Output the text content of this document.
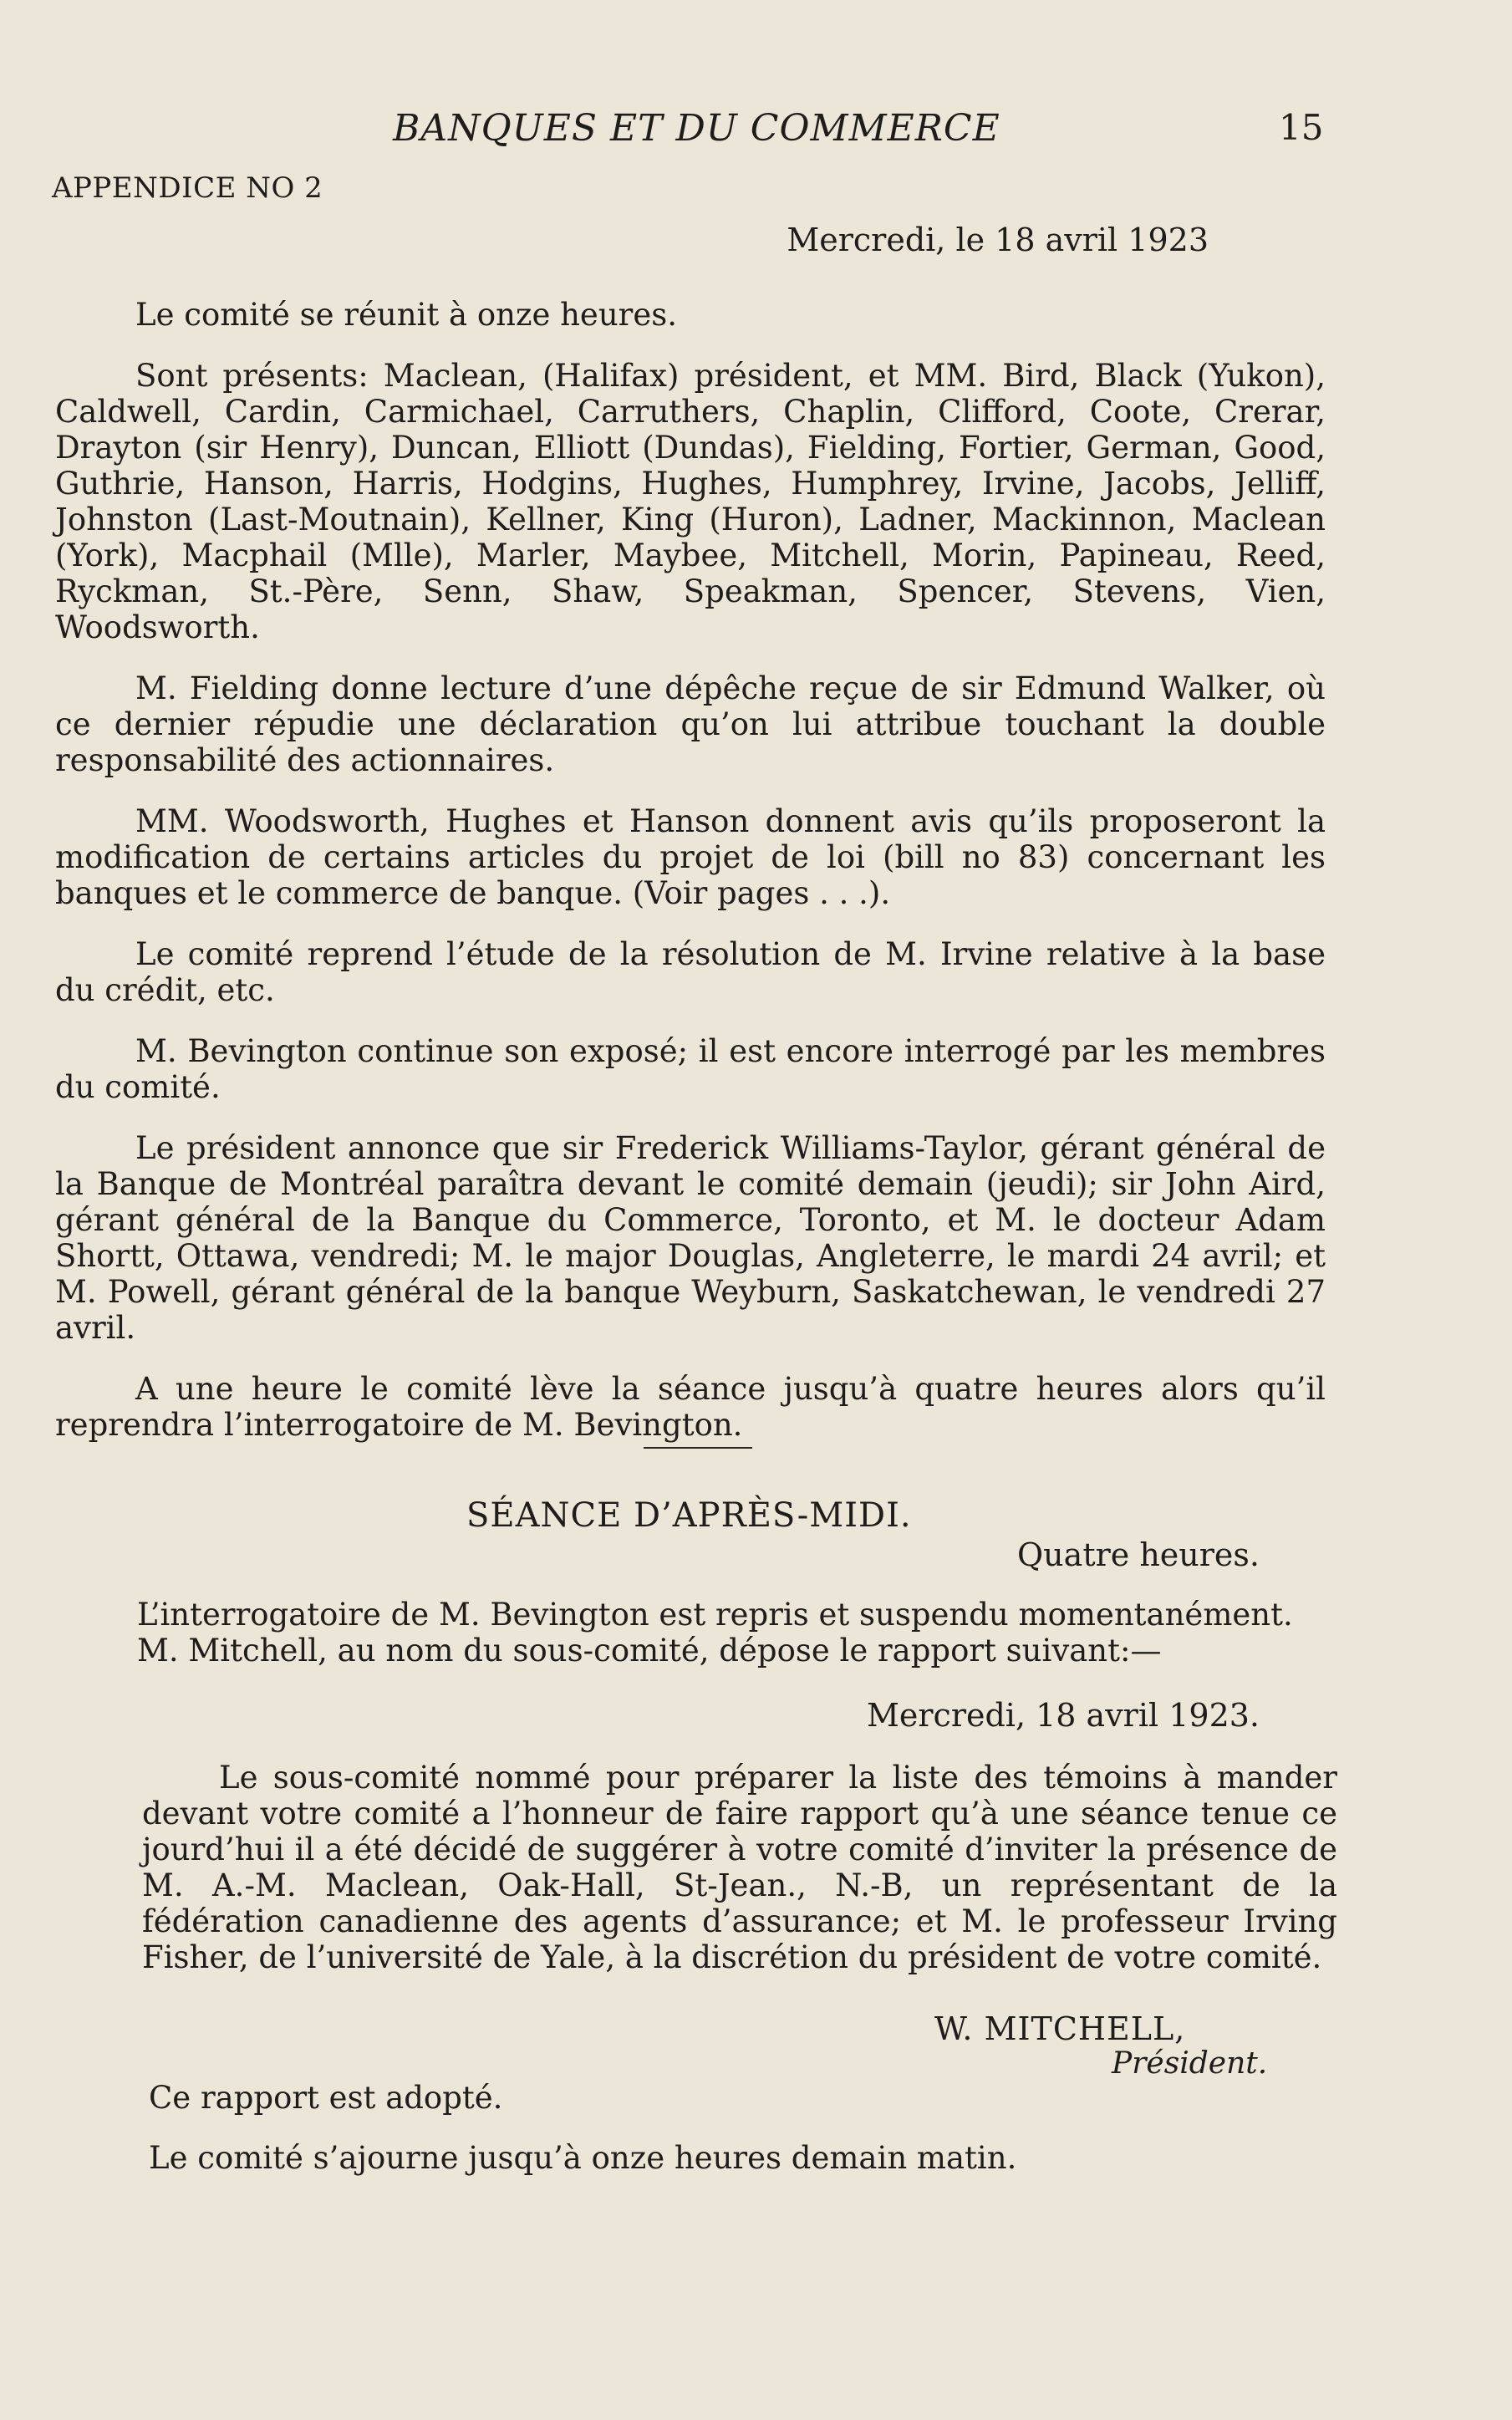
BANQUES ET DU COMMERCE	15
APPENDICE NO 2
Mercredi, le 18 avril 1923

Le comité se réunit à onze heures.

Sont présents: Maclean, (Halifax) président, et MM. Bird, Black (Yukon), Caldwell, Cardin, Carmichael, Carruthers, Chaplin, Clifford, Coote, Crerar, Drayton (sir Henry), Duncan, Elliott (Dundas), Fielding, Fortier, German, Good, Guthrie, Hanson, Harris, Hodgins, Hughes, Humphrey, Irvine, Jacobs, Jelliff, Johnston (Last-Moutnain), Kellner, King (Huron), Ladner, Mackinnon, Maclean (York), Macphail (Mlle), Marler, Maybee, Mitchell, Morin, Papineau, Reed, Ryckman, St.-Père, Senn, Shaw, Speakman, Spencer, Stevens, Vien, Woodsworth.

M. Fielding donne lecture d’une dépêche reçue de sir Edmund Walker, où ce dernier répudie une déclaration qu’on lui attribue touchant la double responsabilité des actionnaires.

MM. Woodsworth, Hughes et Hanson donnent avis qu’ils proposeront la modification de certains articles du projet de loi (bill no 83) concernant les banques et le commerce de banque. (Voir pages . . .).

Le comité reprend l’étude de la résolution de M. Irvine relative à la base du crédit, etc.

M. Bevington continue son exposé; il est encore interrogé par les membres du comité.

Le président annonce que sir Frederick Williams-Taylor, gérant général de la Banque de Montréal paraîtra devant le comité demain (jeudi); sir John Aird, gérant général de la Banque du Commerce, Toronto, et M. le docteur Adam Shortt, Ottawa, vendredi; M. le major Douglas, Angleterre, le mardi 24 avril; et M. Powell, gérant général de la banque Weyburn, Saskatchewan, le vendredi 27 avril.

A une heure le comité lève la séance jusqu’à quatre heures alors qu’il reprendra l’interrogatoire de M. Bevington.

SÉANCE D’APRÈS-MIDI.
Quatre heures.

L’interrogatoire de M. Bevington est repris et suspendu momentanément.

M. Mitchell, au nom du sous-comité, dépose le rapport suivant:—

Mercredi, 18 avril 1923.

Le sous-comité nommé pour préparer la liste des témoins à mander devant votre comité a l’honneur de faire rapport qu’à une séance tenue ce jourd’hui il a été décidé de suggérer à votre comité d’inviter la présence de M. A.-M. Maclean, Oak-Hall, St-Jean., N.-B, un représentant de la fédération canadienne des agents d’assurance; et M. le professeur Irving Fisher, de l’université de Yale, à la discrétion du président de votre comité.

W. MITCHELL,
Président.
Ce rapport est adopté.
Le comité s’ajourne jusqu’à onze heures demain matin.
